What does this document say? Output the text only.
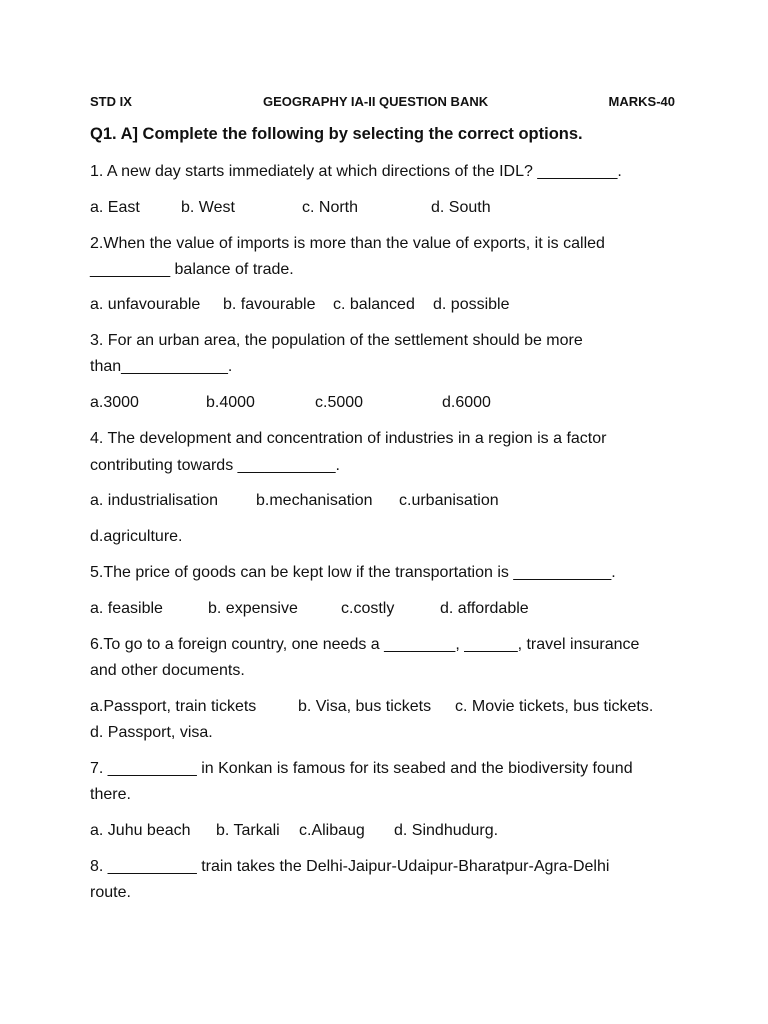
STD IX	GEOGRAPHY IA-II QUESTION BANK	MARKS-40
Q1. A] Complete the following by selecting the correct options.
1. A new day starts immediately at which directions of the IDL? _________.
a. East	b. West	c. North	d. South
2.When the value of imports is more than the value of exports, it is called
_________ balance of trade.
a. unfavourable b. favourable c. balanced d. possible
3. For an urban area, the population of the settlement should be more
than____________.
a.3000	b.4000	c.5000	d.6000
4. The development and concentration of industries in a region is a factor
contributing towards ___________.
a. industrialisation b.mechanisation c.urbanisation
d.agriculture.
5.The price of goods can be kept low if the transportation is ___________.
a. feasible	b. expensive	c.costly	d. affordable
6.To go to a foreign country, one needs a ________, ______, travel insurance
and other documents.
a.Passport, train tickets	b. Visa, bus tickets c. Movie tickets, bus tickets.
d. Passport, visa.
7. __________ in Konkan is famous for its seabed and the biodiversity found
there.
a. Juhu beach b. Tarkali c.Alibaug d. Sindhudurg.
8. __________ train takes the Delhi-Jaipur-Udaipur-Bharatpur-Agra-Delhi
route.
